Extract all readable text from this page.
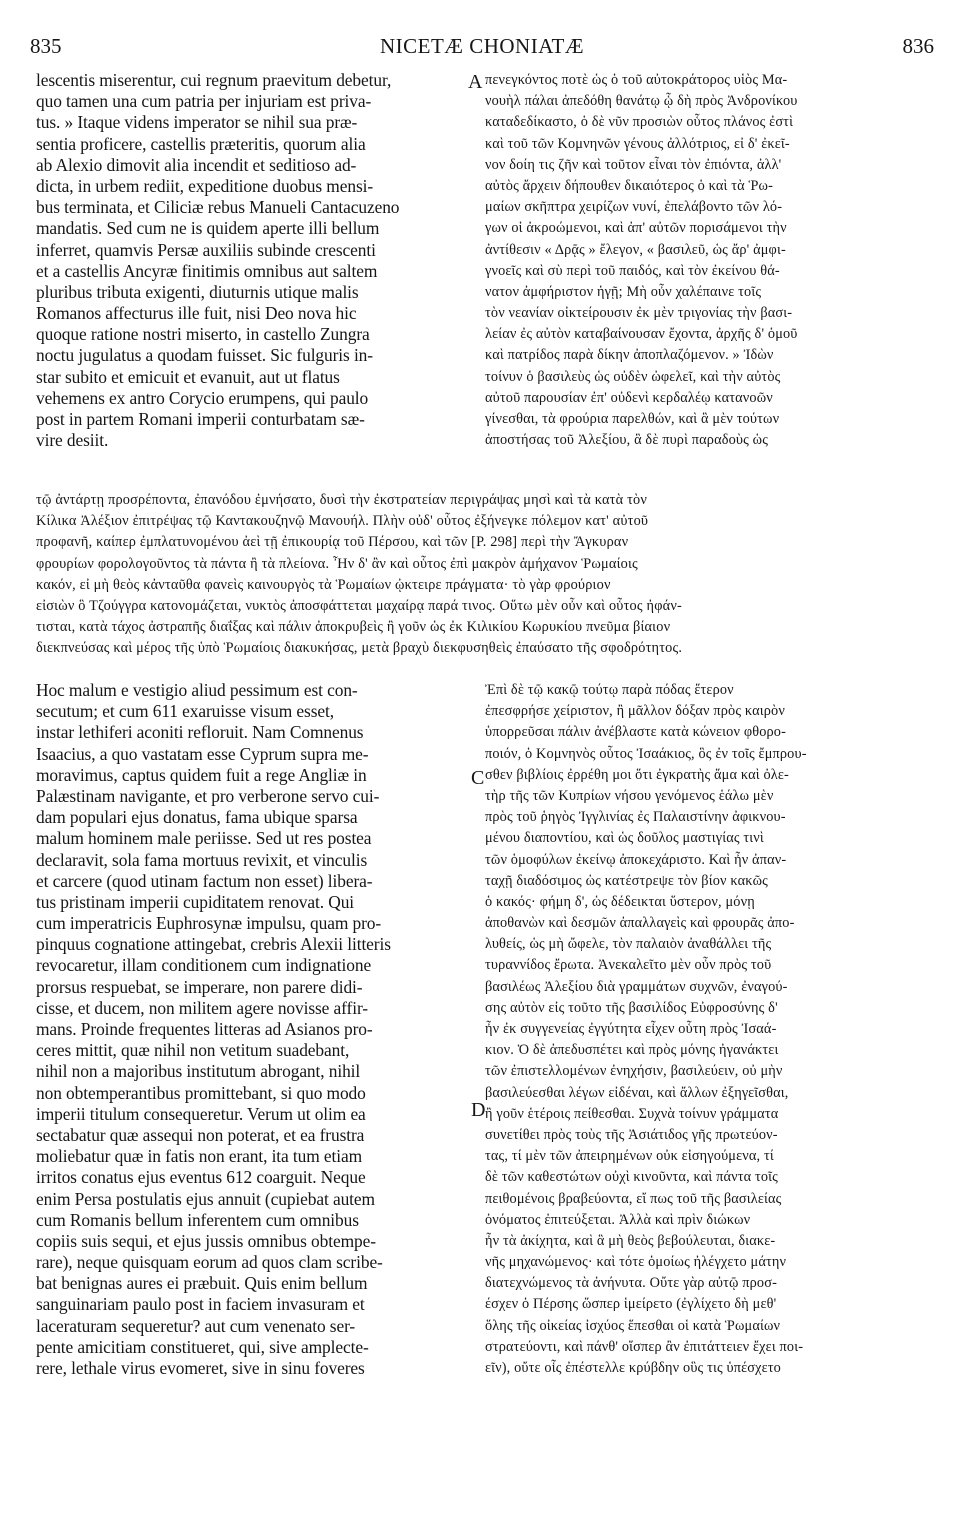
835	NICETÆ CHONIATÆ	836
lescentis miserentur, cui regnum praevitum debetur,
quo tamen una cum patria per injuriam est priva-
tus. » Itaque videns imperator se nihil sua præ-
sentia proficere, castellis præteritis, quorum alia
ab Alexio dimovit alia incendit et seditioso ad-
dicta, in urbem rediit, expeditione duobus mensi-
bus terminata, et Ciliciæ rebus Manueli Cantacuzeno
mandatis. Sed cum ne is quidem aperte illi bellum
inferret, quamvis Persæ auxiliis subinde crescenti
et a castellis Ancyræ finitimis omnibus aut saltem
pluribus tributa exigenti, diuturnis utique malis
Romanos affecturus ille fuit, nisi Deo nova hic
quoque ratione nostri miserto, in castello Zungra
noctu jugulatus a quodam fuisset. Sic fulguris in-
star subito et emicuit et evanuit, aut ut flatus
vehemens ex antro Corycio erumpens, qui paulo
post in partem Romani imperii conturbatam sæ-
vire desiit.
πενεγκόντος ποτὲ ὡς ὁ τοῦ αὐτοκράτορος υἱὸς Μα-
νουὴλ πάλαι ἀπεδόθη θανάτῳ ᾧ δὴ πρὸς Ἀνδρονίκου
καταδεδίκαστο, ὁ δὲ νῦν προσιὼν οὗτος πλάνος ἐστὶ
καὶ τοῦ τῶν Κομνηνῶν γένους ἀλλότριος, εἰ δ' ἐκεῖ-
νον δοίη τις ζῆν καὶ τοῦτον εἶναι τὸν ἐπιόντα, ἀλλ'
αὐτὸς ἄρχειν δήπουθεν δικαιότερος ὁ καὶ τὰ Ῥω-
μαίων σκῆπτρα χειρίζων νυνί, ἐπελάβοντο τῶν λό-
γων οἱ ἀκροώμενοι, καὶ ἀπ' αὐτῶν πορισάμενοι τὴν
ἀντίθεσιν « Δρᾷς » ἔλεγον, « βασιλεῦ, ὡς ἄρ' ἀμφι-
γνοεῖς καὶ σὺ περὶ τοῦ παιδός, καὶ τὸν ἐκείνου θά-
νατον ἀμφήριστον ἡγῇ; Μὴ οὖν χαλέπαινε τοῖς
τὸν νεανίαν οἰκτείρουσιν ἐκ μὲν τριγονίας τὴν βασι-
λείαν ἐς αὐτὸν καταβαίνουσαν ἔχοντα, ἀρχῆς δ' ὁμοῦ
καὶ πατρίδος παρὰ δίκην ἀποπλαζόμενον. » Ἰδὼν
τοίνυν ὁ βασιλεὺς ὡς οὐδὲν ὠφελεῖ, καὶ τὴν αὐτὸς
αὐτοῦ παρουσίαν ἐπ' οὐδενὶ κερδαλέῳ κατανοῶν
γίνεσθαι, τὰ φρούρια παρελθών, καὶ ἃ μὲν τούτων
ἀποστήσας τοῦ Ἀλεξίου, ἃ δὲ πυρὶ παραδοὺς ὡς
τῷ ἀντάρτῃ προσρέποντα, ἐπανόδου ἐμνήσατο, δυσὶ τὴν ἐκστρατείαν περιγράψας μησὶ καὶ τὰ κατὰ τὸν
Κίλικα Ἀλέξιον ἐπιτρέψας τῷ Καντακουζηνῷ Μανουήλ. Πλὴν οὐδ' οὗτος ἐξήνεγκε πόλεμον κατ' αὐτοῦ
προφανῆ, καίπερ ἐμπλατυνομένου ἀεὶ τῇ ἐπικουρίᾳ τοῦ Πέρσου, καὶ τῶν [P. 298] περὶ τὴν Ἄγκυραν
φρουρίων φορολογοῦντος τὰ πάντα ἢ τὰ πλείονα. Ἦν δ' ἂν καὶ οὗτος ἐπὶ μακρὸν ἀμήχανον Ῥωμαίοις
κακόν, εἰ μὴ θεὸς κἀνταῦθα φανεὶς καινουργὸς τὰ Ῥωμαίων ᾠκτειρε πράγματα· τὸ γὰρ φρούριον
εἰσιὼν ὃ Τζούγγρα κατονομάζεται, νυκτὸς ἀποσφάττεται μαχαίρᾳ παρά τινος. Οὕτω μὲν οὖν καὶ οὗτος ἠφάν-
τισται, κατὰ τάχος ἀστραπῆς διαΐξας καὶ πάλιν ἀποκρυβεὶς ἢ γοῦν ὡς ἐκ Κιλικίου Κωρυκίου πνεῦμα βίαιον
διεκπνεύσας καὶ μέρος τῆς ὑπὸ Ῥωμαίοις διακυκήσας, μετὰ βραχὺ διεκφυσηθεὶς ἐπαύσατο τῆς σφοδρότητος.
Hoc malum e vestigio aliud pessimum est con-
secutum; et cum 611 exaruisse visum esset,
instar lethiferi aconiti refloruit. Nam Comnenus
Isaacius, a quo vastatam esse Cyprum supra me-
moravimus, captus quidem fuit a rege Angliæ in
Palæstinam navigante, et pro verberone servo cui-
dam populari ejus donatus, fama ubique sparsa
malum hominem male periisse. Sed ut res postea
declaravit, sola fama mortuus revixit, et vinculis
et carcere (quod utinam factum non esset) libera-
tus pristinam imperii cupiditatem renovat. Qui
cum imperatricis Euphrosynæ impulsu, quam pro-
pinquus cognatione attingebat, crebris Alexii litteris
revocaretur, illam conditionem cum indignatione
prorsus respuebat, se imperare, non parere didi-
cisse, et ducem, non militem agere novisse affir-
mans. Proinde frequentes litteras ad Asianos pro-
ceres mittit, quæ nihil non vetitum suadebant,
nihil non a majoribus institutum abrogant, nihil
non obtemperantibus promittebant, si quo modo
imperii titulum consequeretur. Verum ut olim ea
sectabatur quæ assequi non poterat, et ea frustra
moliebatur quæ in fatis non erant, ita tum etiam
irritos conatus ejus eventus 612 coarguit. Neque
enim Persa postulatis ejus annuit (cupiebat autem
cum Romanis bellum inferentem cum omnibus
copiis suis sequi, et ejus jussis omnibus obtempe-
rare), neque quisquam eorum ad quos clam scribe-
bat benignas aures ei præbuit. Quis enim bellum
sanguinariam paulo post in faciem invasuram et
laceraturam sequeretur? aut cum venenato ser-
pente amicitiam constitueret, qui, sive amplecte-
rere, lethale virus evomeret, sive in sinu foveres
Ἐπὶ δὲ τῷ κακῷ τούτῳ παρὰ πόδας ἕτερον
ἐπεσφρήσε χείριστον, ἢ μᾶλλον δόξαν πρὸς καιρὸν
ὑπορρεῦσαι πάλιν ἀνέβλαστε κατὰ κώνειον φθορο-
ποιόν, ὁ Κομνηνὸς οὗτος Ἰσαάκιος, ὃς ἐν τοῖς ἔμπρου-
σθεν βιβλίοις ἐρρέθη μοι ὅτι ἐγκρατὴς ἅμα καὶ ὀλε-
τὴρ τῆς τῶν Κυπρίων νήσου γενόμενος ἑάλω μὲν
πρὸς τοῦ ῥηγὸς Ἰγγλινίας ἐς Παλαιστίνην ἀφικνου-
μένου διαποντίου, καὶ ὡς δοῦλος μαστιγίας τινὶ
τῶν ὁμοφύλων ἐκείνῳ ἀποκεχάριστο. Καὶ ἦν ἀπαν-
ταχῇ διαδόσιμος ὡς κατέστρεψε τὸν βίον κακῶς
ὁ κακός· φήμη δ', ὡς δέδεικται ὕστερον, μόνῃ
ἀποθανὼν καὶ δεσμῶν ἀπαλλαγεὶς καὶ φρουρᾶς ἀπο-
λυθείς, ὡς μὴ ὤφελε, τὸν παλαιὸν ἀναθάλλει τῆς
τυραννίδος ἔρωτα. Ἀνεκαλεῖτο μὲν οὖν πρὸς τοῦ
βασιλέως Ἀλεξίου διὰ γραμμάτων συχνῶν, ἐναγού-
σης αὐτὸν εἰς τοῦτο τῆς βασιλίδος Εὐφροσύνης δ'
ἦν ἐκ συγγενείας ἐγγύτητα εἶχεν οὗτη πρὸς Ἰσαά-
κιον. Ὁ δὲ ἀπεδυσπέτει καὶ πρὸς μόνης ἠγανάκτει
τῶν ἐπιστελλομένων ἐνηχήσιν, βασιλεύειν, οὐ μὴν
βασιλεύεσθαι λέγων εἰδέναι, καὶ ἄλλων ἐξηγεῖσθαι,
ἢ γοῦν ἑτέροις πείθεσθαι. Συχνὰ τοίνυν γράμματα
συνετίθει πρὸς τοὺς τῆς Ἀσιάτιδος γῆς πρωτεύον-
τας, τί μὲν τῶν ἀπειρημένων οὐκ εἰσηγούμενα, τί
δὲ τῶν καθεστώτων οὐχὶ κινοῦντα, καὶ πάντα τοῖς
πειθομένοις βραβεύοντα, εἴ πως τοῦ τῆς βασιλείας
ὀνόματος ἐπιτεύξεται. Ἀλλὰ καὶ πρὶν διώκων
ἦν τὰ ἀκίχητα, καὶ ἃ μὴ θεὸς βεβούλευται, διακε-
νῆς μηχανώμενος· καὶ τότε ὁμοίως ἠλέγχετο μάτην
διατεχνώμενος τὰ ἀνήνυτα. Οὔτε γὰρ αὐτῷ προσ-
έσχεν ὁ Πέρσης ὥσπερ ἱμείρετο (ἐγλίχετο δὴ μεθ'
ὅλης τῆς οἰκείας ἰσχύος ἕπεσθαι οἱ κατὰ Ῥωμαίων
στρατεύοντι, καὶ πάνθ' οἵσπερ ἂν ἐπιτάττειεν ἔχει ποι-
εῖν), οὔτε οἷς ἐπέστελλε κρύβδην οὓς τις ὑπέσχετο
A
C
D
